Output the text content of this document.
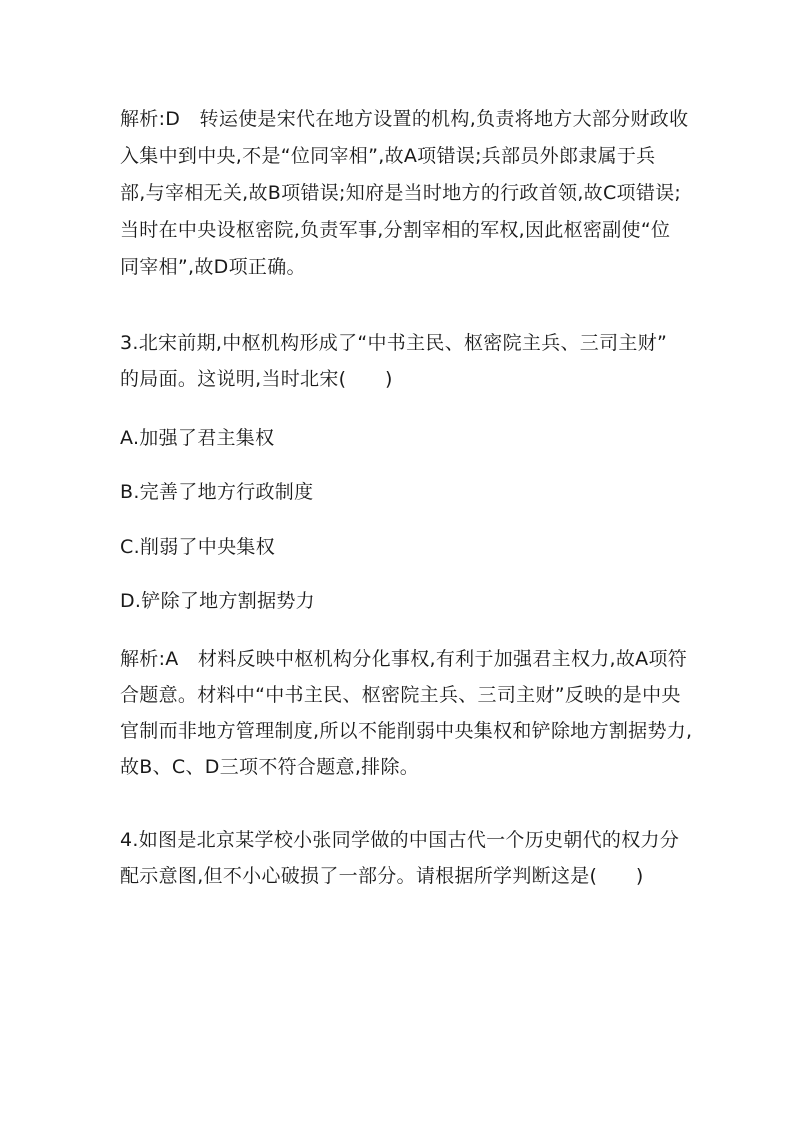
解析:D　转运使是宋代在地方设置的机构,负责将地方大部分财政收
入集中到中央,不是“位同宰相”,故A项错误;兵部员外郎隶属于兵
部,与宰相无关,故B项错误;知府是当时地方的行政首领,故C项错误;
当时在中央设枢密院,负责军事,分割宰相的军权,因此枢密副使“位
同宰相”,故D项正确。
3.北宋前期,中枢机构形成了“中书主民、枢密院主兵、三司主财”
的局面。这说明,当时北宋(　　)
A.加强了君主集权
B.完善了地方行政制度
C.削弱了中央集权
D.铲除了地方割据势力
解析:A　材料反映中枢机构分化事权,有利于加强君主权力,故A项符
合题意。材料中“中书主民、枢密院主兵、三司主财”反映的是中央
官制而非地方管理制度,所以不能削弱中央集权和铲除地方割据势力,
故B、C、D三项不符合题意,排除。
4.如图是北京某学校小张同学做的中国古代一个历史朝代的权力分
配示意图,但不小心破损了一部分。请根据所学判断这是(　　)
